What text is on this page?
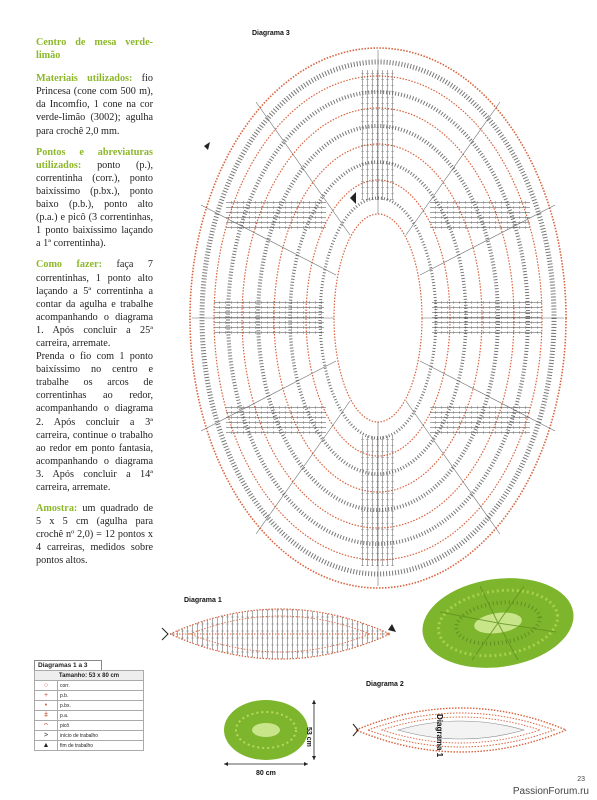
Centro de mesa verde-limão

Materiais utilizados: fio Princesa (cone com 500 m), da Incomfio, 1 cone na cor verde-limão (3002); agulha para crochê 2,0 mm.

Pontos e abreviaturas utilizados: ponto (p.), correntinha (corr.), ponto baixíssimo (p.bx.), ponto baixo (p.b.), ponto alto (p.a.) e picô (3 correntinhas, 1 ponto baixíssimo laçando a 1ª correntinha).

Como fazer: faça 7 correntinhas, 1 ponto alto laçando a 5ª correntinha a contar da agulha e trabalhe acompanhando o diagrama 1. Após concluir a 25ª carreira, arremate.

Prenda o fio com 1 ponto baixíssimo no centro e trabalhe os arcos de correntinhas ao redor, acompanhando o diagrama 2. Após concluir a 3ª carreira, continue o trabalho ao redor em ponto fantasia, acompanhando o diagrama 3. Após concluir a 14ª carreira, arremate.

Amostra: um quadrado de 5 x 5 cm (agulha para crochê nº 2,0) = 12 pontos x 4 carreiras, medidos sobre pontos altos.

Diagrama 3
Diagrama 1
Diagramas 1 a 3
Tamanho: 53 x 80 cm	
○	corr.
+	p.b.
•	p.bx.
ǂ	p.a.
ᴖ	picô
>	início de trabalho
▲	fim de trabalho
80 cm
53 cm
Diagrama 2
Diagrama 1
23
PassionForum.ru
